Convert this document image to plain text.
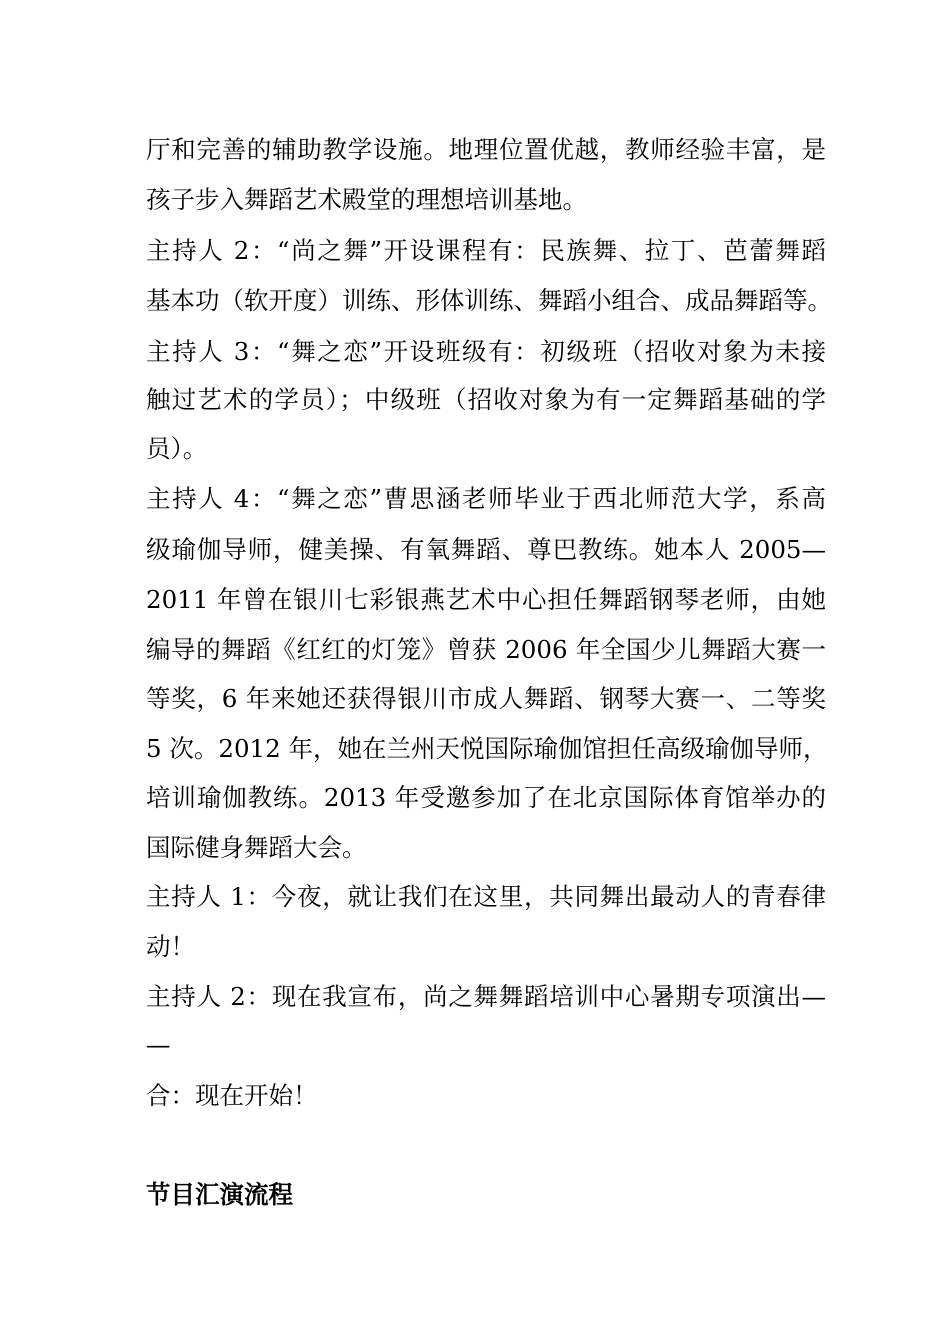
厅和完善的辅助教学设施。地理位置优越，教师经验丰富，是
孩子步入舞蹈艺术殿堂的理想培训基地。
主持人 2：“尚之舞”开设课程有：民族舞、拉丁、芭蕾舞蹈
基本功（软开度）训练、形体训练、舞蹈小组合、成品舞蹈等。
主持人 3：“舞之恋”开设班级有：初级班（招收对象为未接
触过艺术的学员）；中级班（招收对象为有一定舞蹈基础的学
员）。
主持人 4：“舞之恋”曹思涵老师毕业于西北师范大学，系高
级瑜伽导师，健美操、有氧舞蹈、尊巴教练。她本人 2005—
2011 年曾在银川七彩银燕艺术中心担任舞蹈钢琴老师，由她
编导的舞蹈《红红的灯笼》曾获 2006 年全国少儿舞蹈大赛一
等奖，6 年来她还获得银川市成人舞蹈、钢琴大赛一、二等奖
5 次。2012 年，她在兰州天悦国际瑜伽馆担任高级瑜伽导师，
培训瑜伽教练。2013 年受邀参加了在北京国际体育馆举办的
国际健身舞蹈大会。
主持人 1：今夜，就让我们在这里，共同舞出最动人的青春律
动！
主持人 2：现在我宣布，尚之舞舞蹈培训中心暑期专项演出—
—
合：现在开始！
节目汇演流程
